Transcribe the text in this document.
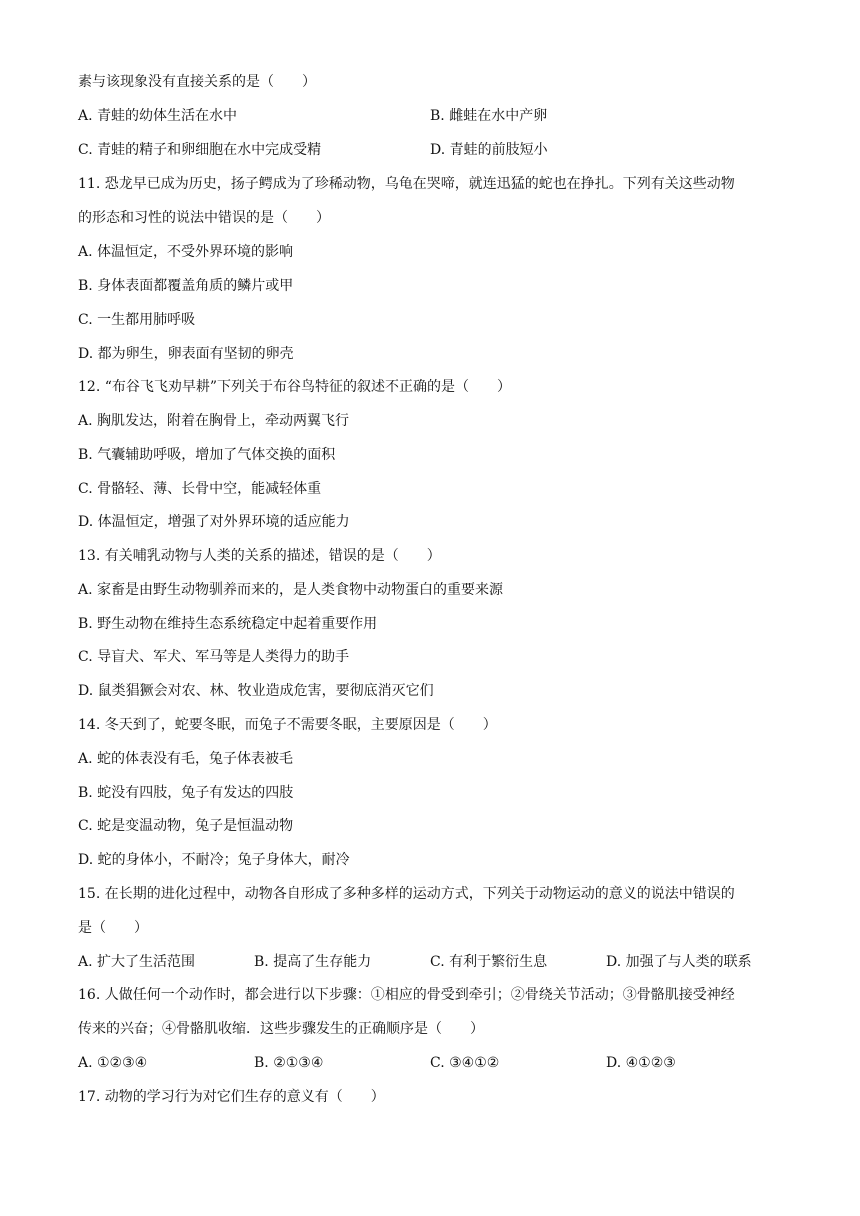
素与该现象没有直接关系的是（　　）
A. 青蛙的幼体生活在水中	B. 雌蛙在水中产卵
C. 青蛙的精子和卵细胞在水中完成受精	D. 青蛙的前肢短小
11. 恐龙早已成为历史，扬子鳄成为了珍稀动物，乌龟在哭啼，就连迅猛的蛇也在挣扎。下列有关这些动物
的形态和习性的说法中错误的是（　　）
A. 体温恒定，不受外界环境的影响
B. 身体表面都覆盖角质的鳞片或甲
C. 一生都用肺呼吸
D. 都为卵生，卵表面有坚韧的卵壳
12. “布谷飞飞劝早耕”下列关于布谷鸟特征的叙述不正确的是（　　）
A. 胸肌发达，附着在胸骨上，牵动两翼飞行
B. 气囊辅助呼吸，增加了气体交换的面积
C. 骨骼轻、薄、长骨中空，能减轻体重
D. 体温恒定，增强了对外界环境的适应能力
13. 有关哺乳动物与人类的关系的描述，错误的是（　　）
A. 家畜是由野生动物驯养而来的，是人类食物中动物蛋白的重要来源
B. 野生动物在维持生态系统稳定中起着重要作用
C. 导盲犬、军犬、军马等是人类得力的助手
D. 鼠类猖獗会对农、林、牧业造成危害，要彻底消灭它们
14. 冬天到了，蛇要冬眠，而兔子不需要冬眠，主要原因是（　　）
A. 蛇的体表没有毛，兔子体表被毛
B. 蛇没有四肢，兔子有发达的四肢
C. 蛇是变温动物，兔子是恒温动物
D. 蛇的身体小，不耐冷；兔子身体大，耐冷
15. 在长期的进化过程中，动物各自形成了多种多样的运动方式，下列关于动物运动的意义的说法中错误的
是（　　）
A. 扩大了生活范围	B. 提高了生存能力	C. 有利于繁衍生息	D. 加强了与人类的联系
16. 人做任何一个动作时，都会进行以下步骤：①相应的骨受到牵引；②骨绕关节活动；③骨骼肌接受神经
传来的兴奋；④骨骼肌收缩．这些步骤发生的正确顺序是（　　）
A. ①②③④	B. ②①③④	C. ③④①②	D. ④①②③
17. 动物的学习行为对它们生存的意义有（　　）
